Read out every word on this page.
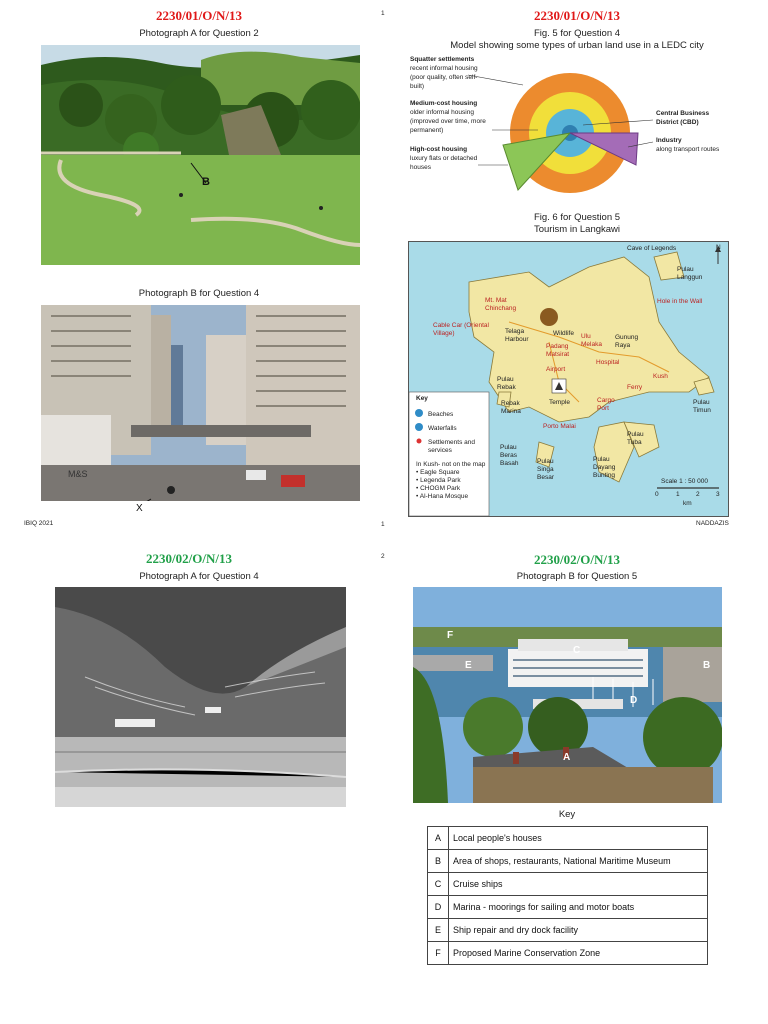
2230/01/O/N/13	1	2230/01/O/N/13
Photograph A for Question 2
B
Photograph B for Question 4
M&S
X
Fig. 5 for Question 4
Model showing some types of urban land use in a LEDC city
Squatter settlements
recent informal housing (poor quality, often self-built)
Medium-cost housing
older informal housing (improved over time, more permanent)
High-cost housing
luxury flats or detached houses
Central Business District (CBD)
Industry
along transport routes
Fig. 6 for Question 5
Tourism in Langkawi
Cave of Legends	N
Pulau Langgun
Mt. Mat Chinchang
Cable Car (Oriental Village)	Telaga Harbour
Wildlife Ulu Melaka
Gunung Raya
Hole in the Wall
Padang Matsirat
Hospital
Airport
Kush
Ferry
Pulau Rebak
Rebak Marina
Temple	Cargo Port
Porto Malai
Pulau Timun
Pulau Beras Basah	Pulau Singa Besar
Pulau Dayang Bunting
Pulau Tuba
Scale 1 : 50 000
0	1	2	3
km
Key
Beaches
Waterfalls
Settlements and services
In Kush- not on the map
• Eagle Square
• Legenda Park
• CHOGM Park
• Al-Hana Mosque
IBIQ 2021	1	NADDAZIS
2230/02/O/N/13	2	2230/02/O/N/13
Photograph A for Question 4	Photograph B for Question 5
F
E
C
B
D
A
Key
A	Local people's houses
B	Area of shops, restaurants, National Maritime Museum
C	Cruise ships
D	Marina - moorings for sailing and motor boats
E	Ship repair and dry dock facility
F	Proposed Marine Conservation Zone
